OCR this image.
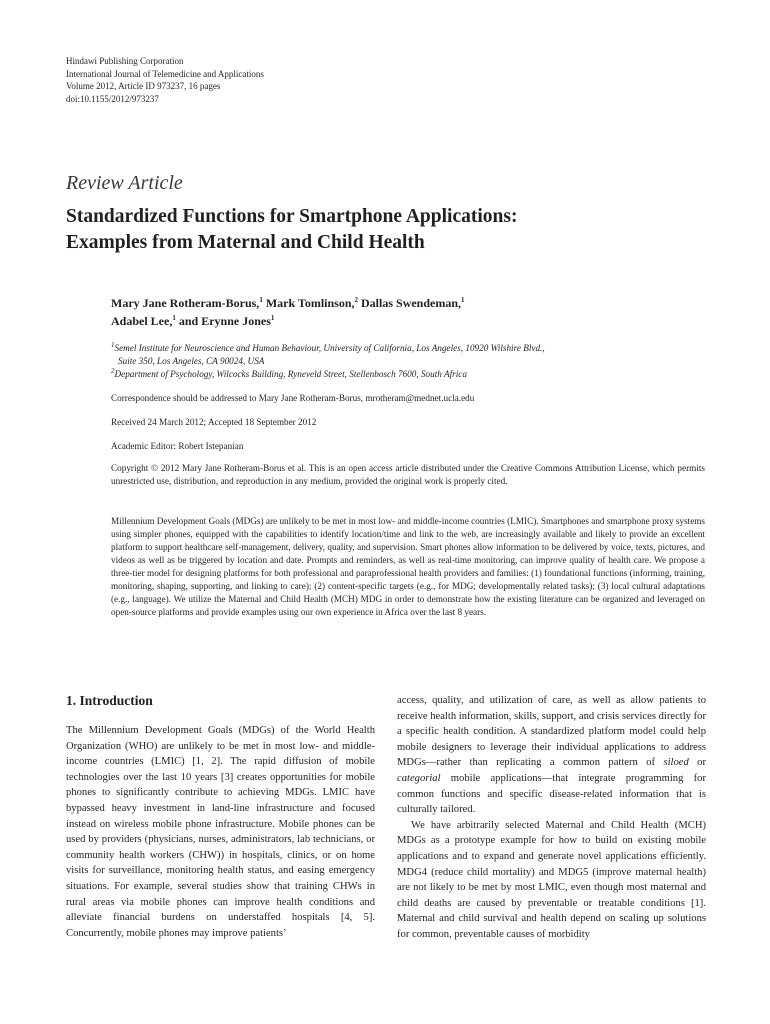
Hindawi Publishing Corporation
International Journal of Telemedicine and Applications
Volume 2012, Article ID 973237, 16 pages
doi:10.1155/2012/973237
Review Article
Standardized Functions for Smartphone Applications:
Examples from Maternal and Child Health
Mary Jane Rotheram-Borus,$^1$ Mark Tomlinson,$^2$ Dallas Swendeman,$^1$
Adabel Lee,$^1$ and Erynne Jones$^1$
$^1$Semel Institute for Neuroscience and Human Behaviour, University of California, Los Angeles, 10920 Wilshire Blvd.,
Suite 350, Los Angeles, CA 90024, USA
$^2$Department of Psychology, Wilcocks Building, Ryneveld Street, Stellenbosch 7600, South Africa
Correspondence should be addressed to Mary Jane Rotheram-Borus, mrotheram@mednet.ucla.edu
Received 24 March 2012; Accepted 18 September 2012
Academic Editor: Robert Istepanian
Copyright © 2012 Mary Jane Rotheram-Borus et al. This is an open access article distributed under the Creative Commons Attribution License, which permits unrestricted use, distribution, and reproduction in any medium, provided the original work is properly cited.
Millennium Development Goals (MDGs) are unlikely to be met in most low- and middle-income countries (LMIC). Smartphones and smartphone proxy systems using simpler phones, equipped with the capabilities to identify location/time and link to the web, are increasingly available and likely to provide an excellent platform to support healthcare self-management, delivery, quality, and supervision. Smart phones allow information to be delivered by voice, texts, pictures, and videos as well as be triggered by location and date. Prompts and reminders, as well as real-time monitoring, can improve quality of health care. We propose a three-tier model for designing platforms for both professional and paraprofessional health providers and families: (1) foundational functions (informing, training, monitoring, shaping, supporting, and linking to care); (2) content-specific targets (e.g., for MDG; developmentally related tasks); (3) local cultural adaptations (e.g., language). We utilize the Maternal and Child Health (MCH) MDG in order to demonstrate how the existing literature can be organized and leveraged on open-source platforms and provide examples using our own experience in Africa over the last 8 years.
1. Introduction

The Millennium Development Goals (MDGs) of the World Health Organization (WHO) are unlikely to be met in most low- and middle-income countries (LMIC) [1, 2]. The rapid diffusion of mobile technologies over the last 10 years [3] creates opportunities for mobile phones to significantly contribute to achieving MDGs. LMIC have bypassed heavy investment in land-line infrastructure and focused instead on wireless mobile phone infrastructure. Mobile phones can be used by providers (physicians, nurses, administrators, lab technicians, or community health workers (CHW)) in hospitals, clinics, or on home visits for surveillance, monitoring health status, and easing emergency situations. For example, several studies show that training CHWs in rural areas via mobile phones can improve health conditions and alleviate financial burdens on understaffed hospitals [4, 5]. Concurrently, mobile phones may improve patients’

access, quality, and utilization of care, as well as allow patients to receive health information, skills, support, and crisis services directly for a specific health condition. A standardized platform model could help mobile designers to leverage their individual applications to address MDGs—rather than replicating a common pattern of siloed or categorial mobile applications—that integrate programming for common functions and specific disease-related information that is culturally tailored.

We have arbitrarily selected Maternal and Child Health (MCH) MDGs as a prototype example for how to build on existing mobile applications and to expand and generate novel applications efficiently. MDG4 (reduce child mortality) and MDG5 (improve maternal health) are not likely to be met by most LMIC, even though most maternal and child deaths are caused by preventable or treatable conditions [1]. Maternal and child survival and health depend on scaling up solutions for common, preventable causes of morbidity
